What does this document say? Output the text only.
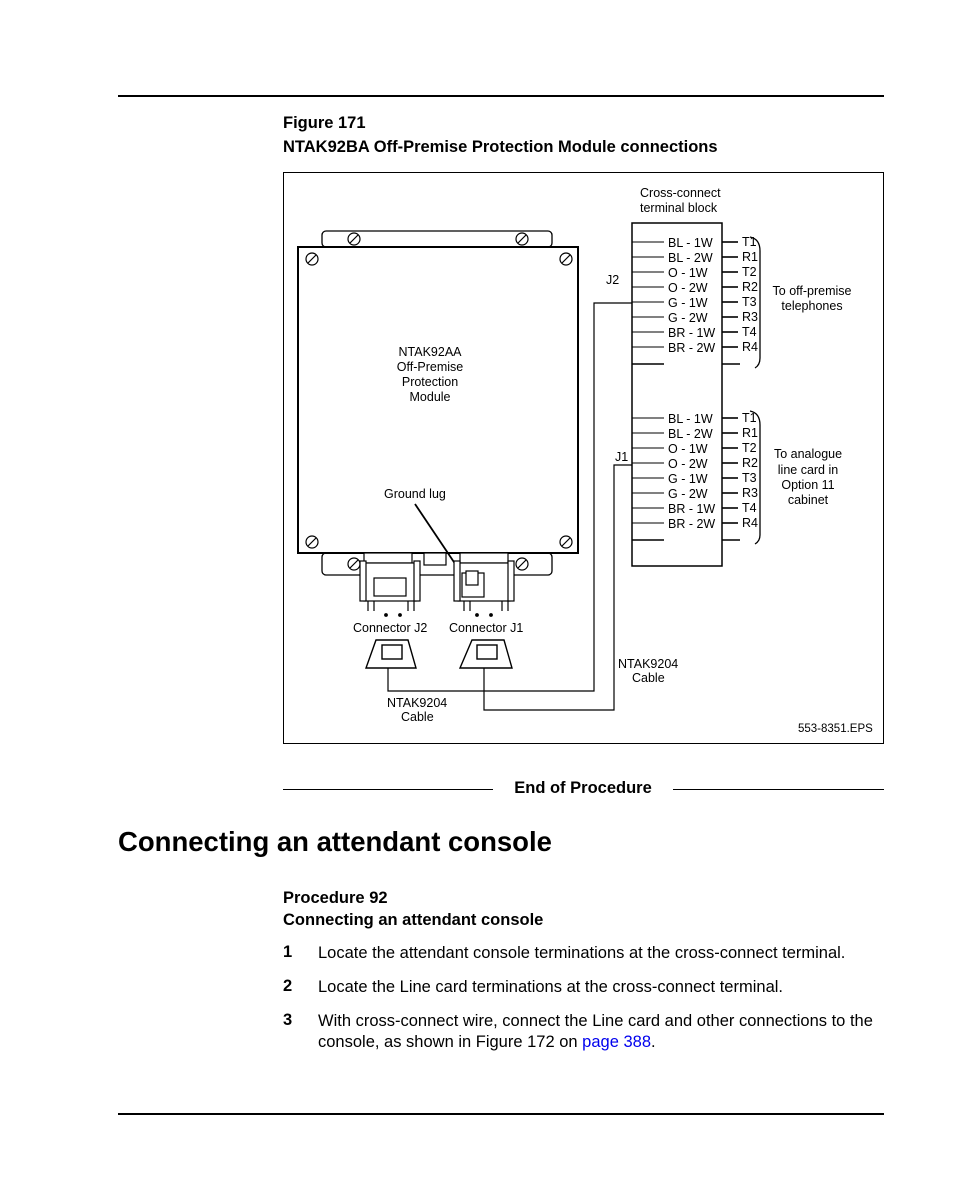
Figure 171
NTAK92BA Off-Premise Protection Module connections
Cross-connect
terminal block
NTAK92AA
Off-Premise
Protection
Module
Ground lug
Connector J2 Connector J1
NTAK9204
Cable
NTAK9204
Cable
J2
J1
BL - 1W T1
BL - 2W R1
O - 1W	T2
O - 2W	R2
G - 1W	T3
G - 2W	R3
BR - 1W T4
BR - 2W R4
BL - 1W T1
BL - 2W R1
O - 1W	T2
O - 2W	R2
G - 1W	T3
G - 2W	R3
BR - 1W T4
BR - 2W R4
To off-premise
telephones
To analogue
line card in
Option 11
cabinet
553-8351.EPS
End of Procedure
Connecting an attendant console
Procedure 92
Connecting an attendant console
1 Locate the attendant console terminations at the cross-connect terminal.
2 Locate the Line card terminations at the cross-connect terminal.
3 With cross-connect wire, connect the Line card and other connections to the console, as shown in Figure 172 on page 388.
